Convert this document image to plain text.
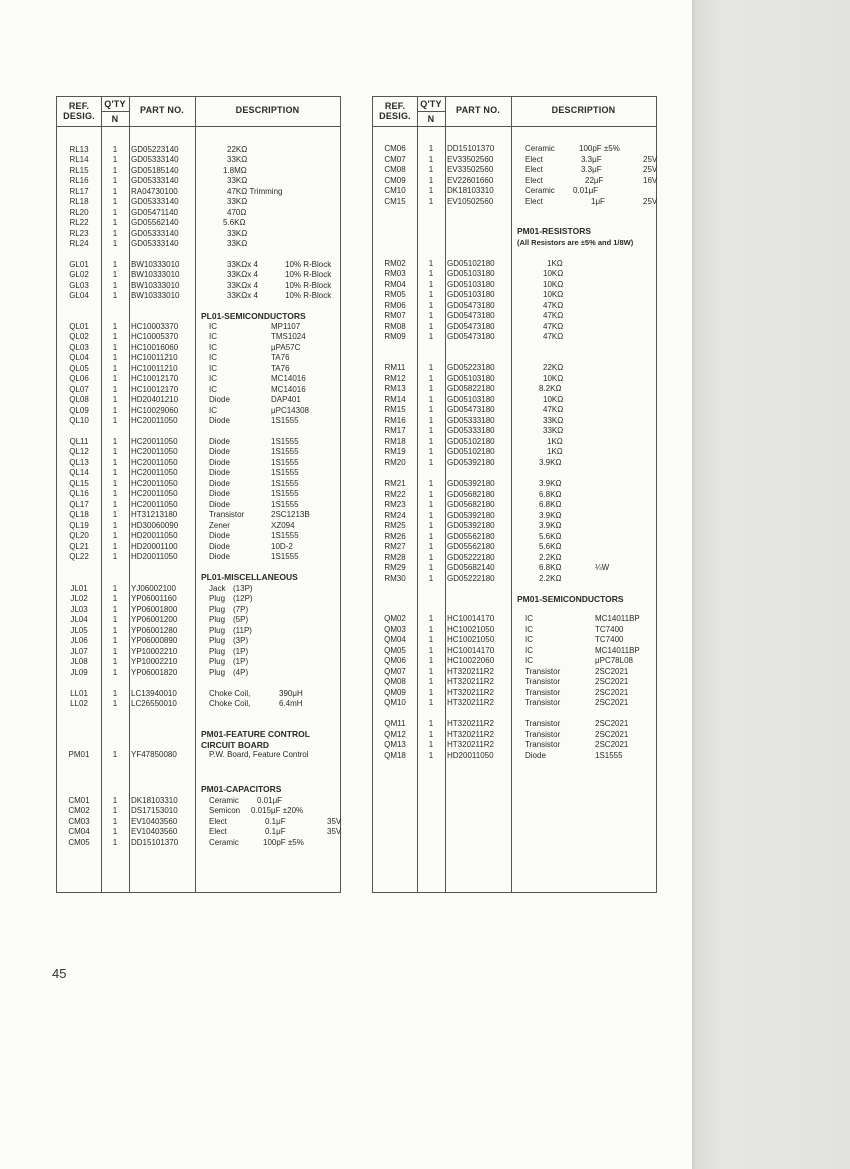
REF.
DESIG.
Q'TY
N
PART NO.	DESCRIPTION
RL13	1	GD05223140	22KΩ
RL14	1	GD05333140	33KΩ
RL15	1	GD05185140	1.8MΩ
RL16	1	GD05333140	33KΩ
RL17	1	RA04730100	47KΩ Trimming
RL18	1	GD05333140	33KΩ
RL20	1	GD05471140	470Ω
RL22	1	GD05562140	5.6KΩ
RL23	1	GD05333140	33KΩ
RL24	1	GD05333140	33KΩ
GL01	1	BW10333010	33KΩx 4	10% R-Block
GL02	1	BW10333010	33KΩx 4	10% R-Block
GL03	1	BW10333010	33KΩx 4	10% R-Block
GL04	1	BW10333010	33KΩx 4	10% R-Block
QL01	1	HC10003370	IC	MP1107
QL02	1	HC10005370	IC	TMS1024
QL03	1	HC10016060	IC	μPA57C
QL04	1	HC10011210	IC	TA76
QL05	1	HC10011210	IC	TA76
QL06	1	HC10012170	IC	MC14016
QL07	1	HC10012170	IC	MC14016
QL08	1	HD20401210	Diode	DAP401
QL09	1	HC10029060	IC	μPC14308
QL10	1	HC20011050	Diode	1S1555
QL11	1	HC20011050	Diode	1S1555
QL12	1	HC20011050	Diode	1S1555
QL13	1	HC20011050	Diode	1S1555
QL14	1	HC20011050	Diode	1S1555
QL15	1	HC20011050	Diode	1S1555
QL16	1	HC20011050	Diode	1S1555
QL17	1	HC20011050	Diode	1S1555
QL18	1	HT31213180	Transistor	2SC1213B
QL19	1	HD30060090	Zener	XZ094
QL20	1	HD20011050	Diode	1S1555
QL21	1	HD20001100	Diode	10D-2
QL22	1	HD20011050	Diode	1S1555
JL01	1	YJ06002100	Jack (13P)
JL02	1	YP06001160	Plug (12P)
JL03	1	YP06001800	Plug (7P)
JL04	1	YP06001200	Plug (5P)
JL05	1	YP06001280	Plug (11P)
JL06	1	YP06000890	Plug (3P)
JL07	1	YP10002210	Plug (1P)
JL08	1	YP10002210	Plug (1P)
JL09	1	YP06001820	Plug (4P)
LL01	1	LC13940010	Choke Coil,	390μH
LL02	1	LC26550010	Choke Coil,	6.4mH
PM01	1	YF47850080	P.W. Board, Feature Control
CM01	1	DK18103310	Ceramic 0.01μF
CM02	1	DS17153010	Semicon 0.015μF ±20%
CM03	1	EV10403560	Elect	0.1μF	35V
CM04	1	EV10403560	Elect	0.1μF	35V
CM05	1	DD15101370	Ceramic	100pF ±5%
PL01-SEMICONDUCTORS
PL01-MISCELLANEOUS
PM01-FEATURE CONTROL
CIRCUIT BOARD
PM01-CAPACITORS
REF.
DESIG.
Q'TY
N
PART NO.	DESCRIPTION
CM06	1	DD15101370	Ceramic	100pF ±5%
CM07	1	EV33502560	Elect	3.3μF	25V
CM08	1	EV33502560	Elect	3.3μF	25V
CM09	1	EV22601660	Elect	22μF	16V
CM10	1	DK18103310	Ceramic 0.01μF
CM15	1	EV10502560	Elect	1μF	25V
RM02	1	GD05102180	1KΩ
RM03	1	GD05103180	10KΩ
RM04	1	GD05103180	10KΩ
RM05	1	GD05103180	10KΩ
RM06	1	GD05473180	47KΩ
RM07	1	GD05473180	47KΩ
RM08	1	GD05473180	47KΩ
RM09	1	GD05473180	47KΩ
RM11	1	GD05223180	22KΩ
RM12	1	GD05103180	10KΩ
RM13	1	GD05822180	8.2KΩ
RM14	1	GD05103180	10KΩ
RM15	1	GD05473180	47KΩ
RM16	1	GD05333180	33KΩ
RM17	1	GD05333180	33KΩ
RM18	1	GD05102180	1KΩ
RM19	1	GD05102180	1KΩ
RM20	1	GD05392180	3.9KΩ
RM21	1	GD05392180	3.9KΩ
RM22	1	GD05682180	6.8KΩ
RM23	1	GD05682180	6.8KΩ
RM24	1	GD05392180	3.9KΩ
RM25	1	GD05392180	3.9KΩ
RM26	1	GD05562180	5.6KΩ
RM27	1	GD05562180	5.6KΩ
RM28	1	GD05222180	2.2KΩ
RM29	1	GD05682140	6.8KΩ	¼W
RM30	1	GD05222180	2.2KΩ
QM02	1	HC10014170	IC	MC14011BP
QM03	1	HC10021050	IC	TC7400
QM04	1	HC10021050	IC	TC7400
QM05	1	HC10014170	IC	MC14011BP
QM06	1	HC10022060	IC	μPC78L08
QM07	1	HT320211R2	Transistor	2SC2021
QM08	1	HT320211R2	Transistor	2SC2021
QM09	1	HT320211R2	Transistor	2SC2021
QM10	1	HT320211R2	Transistor	2SC2021
QM11	1	HT320211R2	Transistor	2SC2021
QM12	1	HT320211R2	Transistor	2SC2021
QM13	1	HT320211R2	Transistor	2SC2021
QM18	1	HD20011050	Diode	1S1555
PM01-RESISTORS
(All Resistors are ±5% and 1/8W)
PM01-SEMICONDUCTORS
45
